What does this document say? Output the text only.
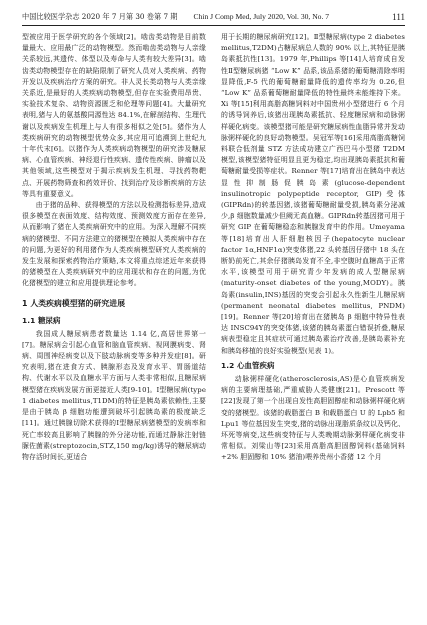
中国比较医学杂志 2020 年 7 月第 30 卷第 7 期 Chin J Comp Med, July 2020, Vol. 30, No. 7	111

型被应用于医学研究的各个领域[2]。啮齿类动物是目前数量最大、应用最广泛的动物模型。然而啮齿类动物与人亲缘关系较远,其遗传、体型以及寿命与人类有较大差异[3]。啮齿类动物模型存在的缺陷限制了研究人员对人类疾病、药物开发以及疾病治疗方案的研究。非人灵长类动物与人类亲缘关系近,是最好的人类疾病动物模型,但存在实验费用昂贵、实验技术复杂、动物资源匮乏和伦理等问题[4]。大量研究表明,猪与人的氨基酸同源性达 84.1%,在解剖结构、生理代谢以及疾病发生机理上与人有很多相似之处[5]。猪作为人类疾病研究的动物模型优势众多,其应用可追溯到上世纪九十年代末[6]。以猪作为人类疾病动物模型的研究涉及糖尿病、心血管疾病、神经退行性疾病、遗传性疾病、肿瘤以及其他领域,这些模型对于揭示疾病发生机理、寻找药物靶点、开展药物筛查和药效评价、找到治疗及诊断疾病的方法等具有重要意义。

由于猪的品种、获得模型的方法以及检测指标差异,造成很多模型在表面效度、结构效度、预测效度方面存在差异,从而影响了猪在人类疾病研究中的应用。为深入理解不同疾病的猪模型、不同方法建立的猪模型在模拟人类疾病中存在的问题,为更好的利用猪作为人类疾病模型研究人类疾病的发生发展和探索药物治疗策略,本文将重点综述近年来获得的猪模型在人类疾病研究中的应用现状和存在的问题,为优化猪模型的建立和应用提供理论参考。

1 人类疾病模型猪的研究进展
1.1 糖尿病

我国成人糖尿病患者数量达 1.14 亿,高居世界第一[7]。糖尿病会引起心血管和脑血管疾病、视网膜病变、肾病、周围神经病变以及下肢动脉病变等多种并发症[8]。研究表明,猪在进食方式、胰腺形态及发育水平、胃肠道结构、代谢水平以及血糖水平方面与人类非常相似,且糖尿病模型猪在疾病发展方面更接近人类[9-10]。Ⅰ型糖尿病(type 1 diabetes mellitus,T1DM)的特征是胰岛素依赖性,主要是由于胰岛 β 细胞功能遭到破坏引起胰岛素的极度缺乏[11]。通过胰腺切除术获得的Ⅰ型糖尿病猪模型的发病率和死亡率较高且影响了胰腺的外分泌功能,而通过静脉注射链脲佐菌素(streptozocin,STZ,150 mg/kg)诱导的糖尿病动物存活时间长,更适合

用于长期的糖尿病研究[12]。Ⅱ型糖尿病(type 2 diabetes mellitus,T2DM)占糖尿病总人数的 90% 以上,其特征是胰岛素抵抗性[13]。1979 年,Phillips 等[14]人培育成自发性Ⅱ型糖尿病猪 “Low K” 品系,该品系猪的葡萄糖清除率明显降低,F-5 代的葡萄糖耐量降低的遗传率均为 0.26,但 “Low K” 品系葡萄糖耐量降低的特性最终未能维持下来。Xi 等[15]利用高脂高糖饲料对中国贵州小型猪进行 6 个月的诱导饲养后,该猪出现胰岛素抵抗、轻度糖尿病和动脉粥样硬化病变。该模型猪可能是研究糖尿病性血脂异常并发动脉粥样硬化的良好动物模型。吴冠军等[16]采用高脂高糖饲料联合低剂量 STZ 方法成功建立广西巴马小型猪 T2DM 模型,该模型猪特征明显且更为稳定,均出现胰岛素抵抗和葡萄糖耐量受损等症状。Renner 等[17]培育出在胰岛中表达显性抑制肠促胰岛素(glucose-dependent insulinotropic polypeptide receptor, GIP)受体(GIPRdn)的转基因猪,该猪葡萄糖耐量受损,胰岛素分泌减少,β 细胞数量减少但阙无高血糖。GIPRdn转基因猪可用于研究 GIP 在葡萄糖稳态和胰腺发育中的作用。Umeyama 等[18]培育出人肝细胞核因子(hepatocyte nuclear factor 1α,HNF1α)突变体猪,22 头转基因仔猪中 18 头在断奶前死亡,其余仔猪胰岛发育不全,非空腹时血糖高于正常水平,该模型可用于研究青少年发病的成人型糖尿病(maturity-onset diabetes of the young,MODY)。胰岛素(insulin,INS)基因的突变会引起永久性新生儿糖尿病(permanent neonatal diabetes mellitus, PNDM)[19]。Renner 等[20]培育出在猪胰岛 β 细胞中特异性表达 INSC94Y的突变体猪,该猪的胰岛素蛋白错误折叠,糖尿病表型稳定且其症状可通过胰岛素治疗改善,是胰岛素补充和胰岛移植的良好实验模型(见表 1)。

1.2 心血管疾病

动脉粥样硬化(atherosclerosis,AS)是心血管疾病发病的主要病理基础,严重威胁人类健康[21]。Prescott 等[22]发现了第一个出现自发性高胆固醇症和动脉粥样硬化病变的猪模型。该猪的载脂蛋白 B 和载脂蛋白 U 的 Lpb5 和 Lpu1 等位基因发生突变,猪的动脉出现脂质条纹以及钙化、坏死等病变,这些病变特征与人类晚期动脉粥样硬化病变非常相似。刘梁山等[23]采用高脂高胆固醇饲料(基础饲料+2% 胆固醇和 10% 猪油)喂养贵州小香猪 12 个月
